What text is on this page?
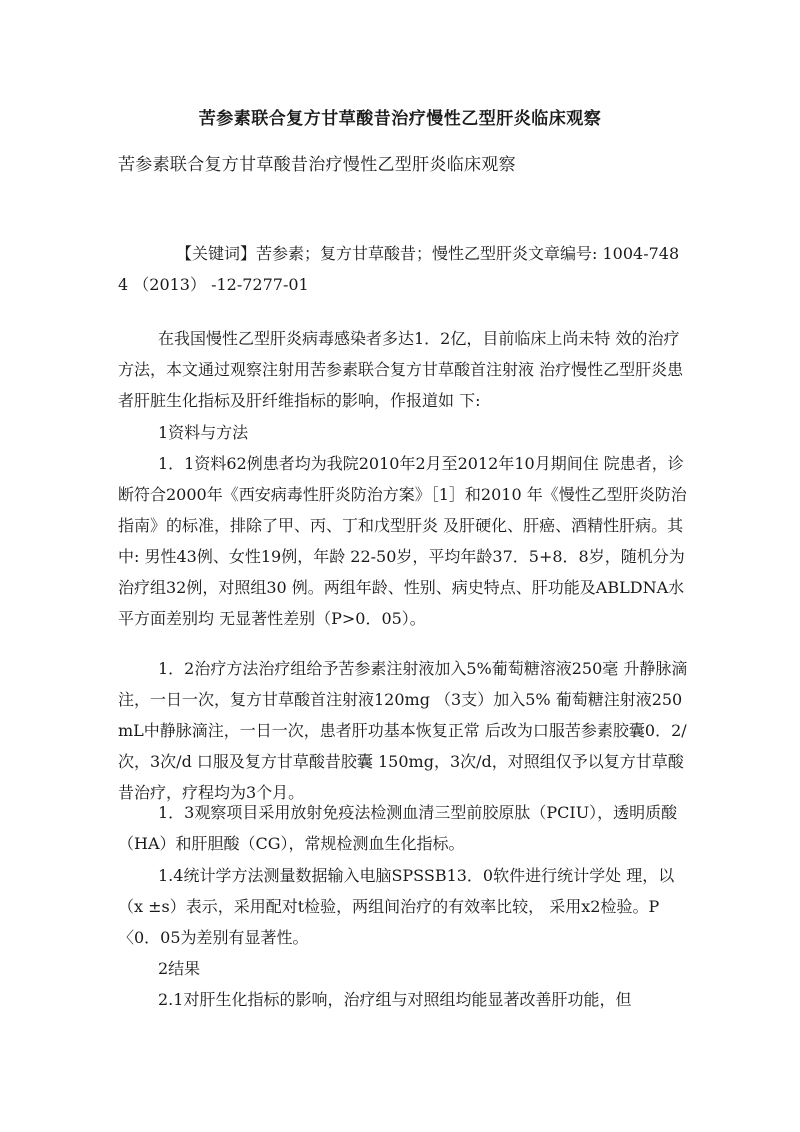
苦参素联合复方甘草酸昔治疗慢性乙型肝炎临床观察

苦参素联合复方甘草酸昔治疗慢性乙型肝炎临床观察

【关键词】苦参素；复方甘草酸昔；慢性乙型肝炎文章编号: 1004-7484 （2013） -12-7277-01

在我国慢性乙型肝炎病毒感染者多达1．2亿，目前临床上尚未特 效的治疗方法，本文通过观察注射用苦参素联合复方甘草酸首注射液 治疗慢性乙型肝炎患者肝脏生化指标及肝纤维指标的影响，作报道如 下:

1资料与方法

1．1资料62例患者均为我院2010年2月至2012年10月期间住 院患者，诊断符合2000年《西安病毒性肝炎防治方案》［1］和2010 年《慢性乙型肝炎防治指南》的标准，排除了甲、丙、丁和戊型肝炎 及肝硬化、肝癌、酒精性肝病。其中: 男性43例、女性19例，年龄 22-50岁，平均年龄37．5+8．8岁，随机分为治疗组32例，对照组30 例。两组年龄、性别、病史特点、肝功能及ABLDNA水平方面差别均 无显著性差别（P>0．05）。

1．2治疗方法治疗组给予苦参素注射液加入5%葡萄糖溶液250毫 升静脉滴注，一日一次，复方甘草酸首注射液120mg （3支）加入5% 葡萄糖注射液250mL中静脉滴注，一日一次，患者肝功基本恢复正常 后改为口服苦参素胶囊0．2/次，3次/d 口服及复方甘草酸昔胶囊 150mg，3次/d，对照组仅予以复方甘草酸昔治疗，疗程均为3个月。

1．3观察项目采用放射免疫法检测血清三型前胶原肽（PCIU），透明质酸（HA）和肝胆酸（CG），常规检测血生化指标。

1.4统计学方法测量数据输入电脑SPSSB13．0软件进行统计学处 理，以（x ±s）表示，采用配对t检验，两组间治疗的有效率比较， 采用x2检验。P〈0．05为差别有显著性。

2结果

2.1对肝生化指标的影响，治疗组与对照组均能显著改善肝功能，但
